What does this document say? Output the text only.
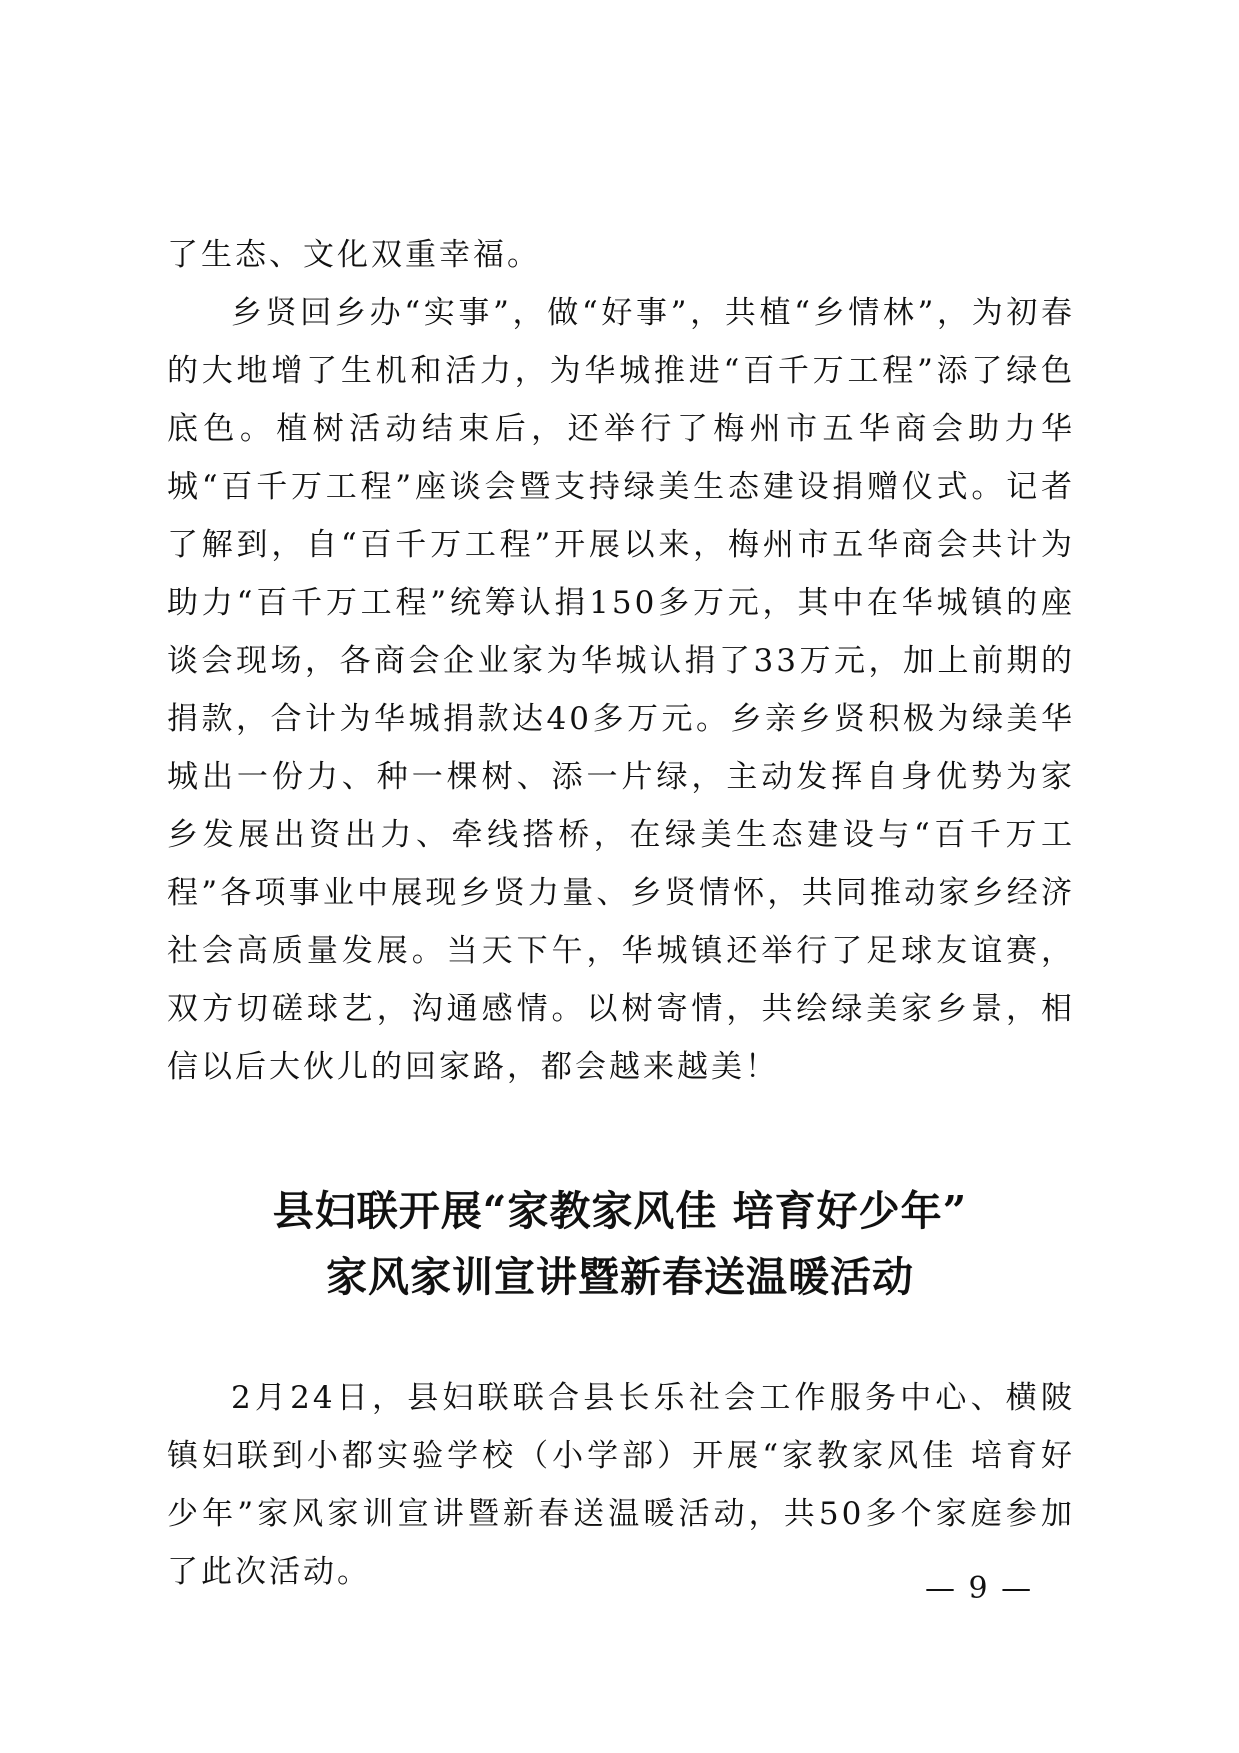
了生态、文化双重幸福。

乡贤回乡办“实事”，做“好事”，共植“乡情林”，为初春的大地增了生机和活力，为华城推进“百千万工程”添了绿色底色。植树活动结束后，还举行了梅州市五华商会助力华城“百千万工程”座谈会暨支持绿美生态建设捐赠仪式。记者了解到，自“百千万工程”开展以来，梅州市五华商会共计为助力“百千万工程”统筹认捐150多万元，其中在华城镇的座谈会现场，各商会企业家为华城认捐了33万元，加上前期的捐款，合计为华城捐款达40多万元。乡亲乡贤积极为绿美华城出一份力、种一棵树、添一片绿，主动发挥自身优势为家乡发展出资出力、牵线搭桥，在绿美生态建设与“百千万工程”各项事业中展现乡贤力量、乡贤情怀，共同推动家乡经济社会高质量发展。当天下午，华城镇还举行了足球友谊赛，双方切磋球艺，沟通感情。以树寄情，共绘绿美家乡景，相信以后大伙儿的回家路，都会越来越美！

县妇联开展“家教家风佳 培育好少年”
家风家训宣讲暨新春送温暖活动

2月24日，县妇联联合县长乐社会工作服务中心、横陂镇妇联到小都实验学校（小学部）开展“家教家风佳 培育好少年”家风家训宣讲暨新春送温暖活动，共50多个家庭参加了此次活动。	— 9 —
